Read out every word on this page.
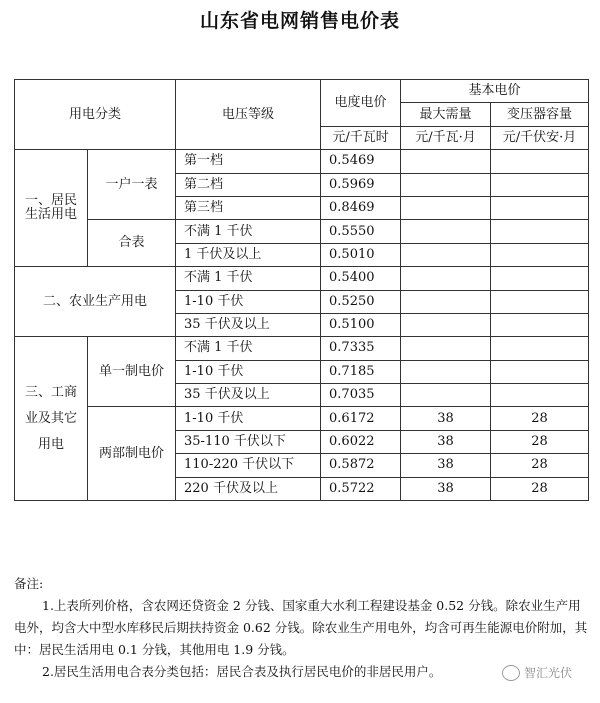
山东省电网销售电价表
用电分类		电压等级	电度电价	基本电价	
				最大需量	变压器容量
			元/千瓦时	元/千瓦·月	元/千伏安·月
一、居民生活用电	一户一表	第一档	0.5469		
		第二档	0.5969		
		第三档	0.8469		
	合表	不满 1 千伏	0.5550		
		1 千伏及以上	0.5010		
二、农业生产用电		不满 1 千伏	0.5400		
		1-10 千伏	0.5250		
		35 千伏及以上	0.5100		
三、工商业及其它用电	单一制电价	不满 1 千伏	0.7335		
		1-10 千伏	0.7185		
		35 千伏及以上	0.7035		
	两部制电价	1-10 千伏	0.6172	38	28
		35-110 千伏以下	0.6022	38	28
		110-220 千伏以下	0.5872	38	28
		220 千伏及以上	0.5722	38	28

备注:

1.上表所列价格，含农网还贷资金 2 分钱、国家重大水利工程建设基金 0.52 分钱。除农业生产用电外，均含大中型水库移民后期扶持资金 0.62 分钱。除农业生产用电外，均含可再生能源电价附加，其中：居民生活用电 0.1 分钱，其他用电 1.9 分钱。

2.居民生活用电合表分类包括：居民合表及执行居民电价的非居民用户。	智汇光伏
